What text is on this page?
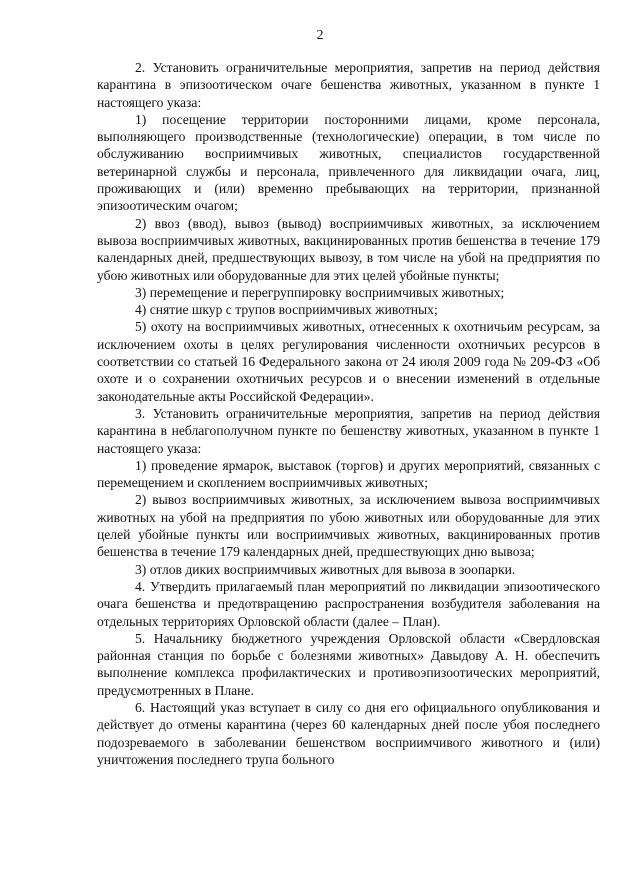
2

2. Установить ограничительные мероприятия, запретив на период действия карантина в эпизоотическом очаге бешенства животных, указанном в пункте 1 настоящего указа:

1) посещение территории посторонними лицами, кроме персонала, выполняющего производственные (технологические) операции, в том числе по обслуживанию восприимчивых животных, специалистов государственной ветеринарной службы и персонала, привлеченного для ликвидации очага, лиц, проживающих и (или) временно пребывающих на территории, признанной эпизоотическим очагом;

2) ввоз (ввод), вывоз (вывод) восприимчивых животных, за исключением вывоза восприимчивых животных, вакцинированных против бешенства в течение 179 календарных дней, предшествующих вывозу, в том числе на убой на предприятия по убою животных или оборудованные для этих целей убойные пункты;

3) перемещение и перегруппировку восприимчивых животных;

4) снятие шкур с трупов восприимчивых животных;

5) охоту на восприимчивых животных, отнесенных к охотничьим ресурсам, за исключением охоты в целях регулирования численности охотничьих ресурсов в соответствии со статьей 16 Федерального закона от 24 июля 2009 года № 209-ФЗ «Об охоте и о сохранении охотничьих ресурсов и о внесении изменений в отдельные законодательные акты Российской Федерации».

3. Установить ограничительные мероприятия, запретив на период действия карантина в неблагополучном пункте по бешенству животных, указанном в пункте 1 настоящего указа:

1) проведение ярмарок, выставок (торгов) и других мероприятий, связанных с перемещением и скоплением восприимчивых животных;

2) вывоз восприимчивых животных, за исключением вывоза восприимчивых животных на убой на предприятия по убою животных или оборудованные для этих целей убойные пункты или восприимчивых животных, вакцинированных против бешенства в течение 179 календарных дней, предшествующих дню вывоза;

3) отлов диких восприимчивых животных для вывоза в зоопарки.

4. Утвердить прилагаемый план мероприятий по ликвидации эпизоотического очага бешенства и предотвращению распространения возбудителя заболевания на отдельных территориях Орловской области (далее – План).

5. Начальнику бюджетного учреждения Орловской области «Свердловская районная станция по борьбе с болезнями животных» Давыдову А. Н. обеспечить выполнение комплекса профилактических и противоэпизоотических мероприятий, предусмотренных в Плане.

6. Настоящий указ вступает в силу со дня его официального опубликования и действует до отмены карантина (через 60 календарных дней после убоя последнего подозреваемого в заболевании бешенством восприимчивого животного и (или) уничтожения последнего трупа больного
